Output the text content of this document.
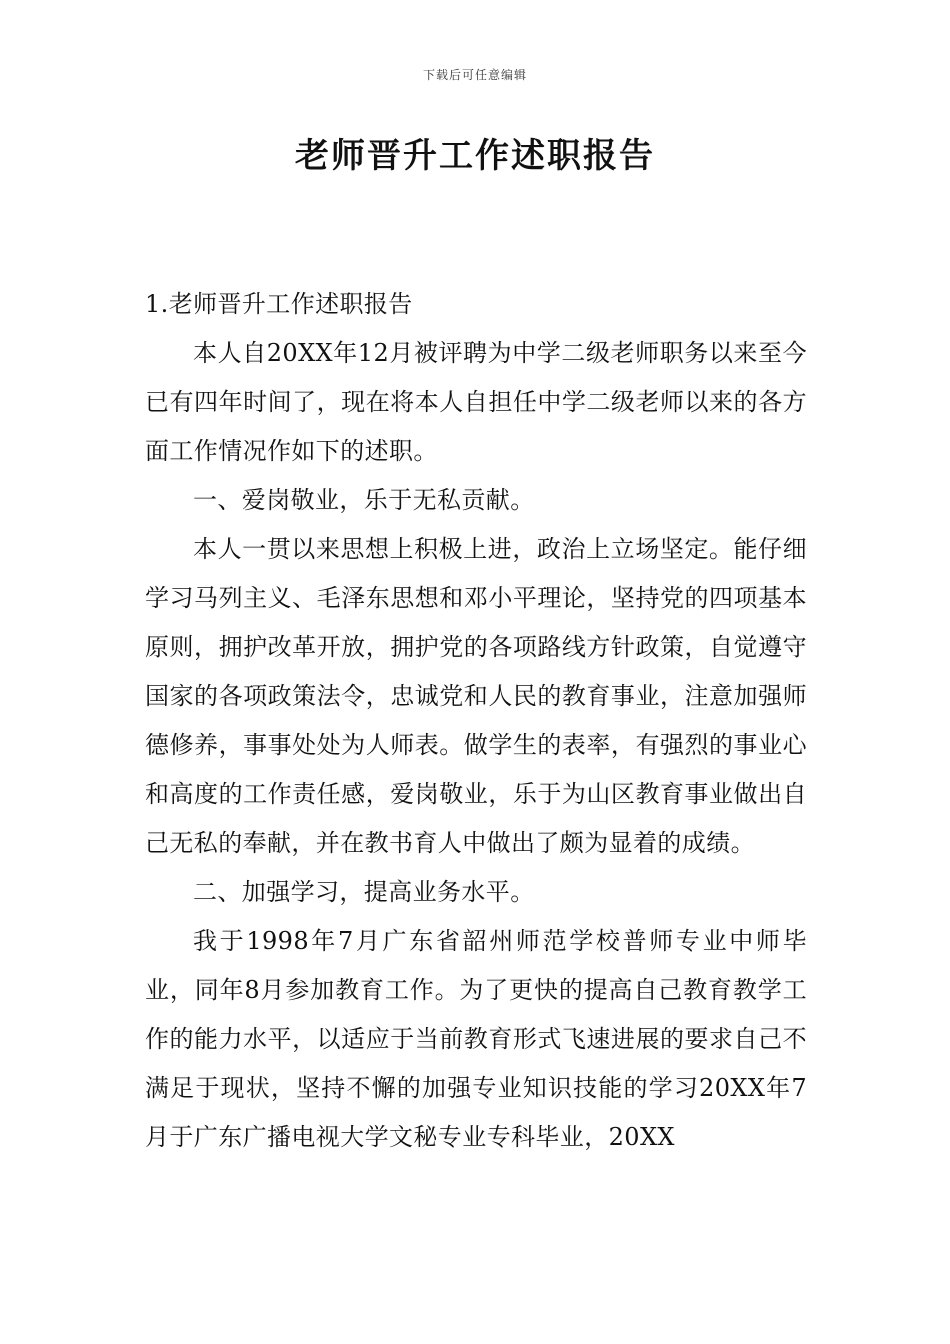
下载后可任意编辑
老师晋升工作述职报告

1.老师晋升工作述职报告

本人自20XX年12月被评聘为中学二级老师职务以来至今已有四年时间了，现在将本人自担任中学二级老师以来的各方面工作情况作如下的述职。

一、爱岗敬业，乐于无私贡献。

本人一贯以来思想上积极上进，政治上立场坚定。能仔细学习马列主义、毛泽东思想和邓小平理论，坚持党的四项基本原则，拥护改革开放，拥护党的各项路线方针政策，自觉遵守国家的各项政策法令，忠诚党和人民的教育事业，注意加强师德修养，事事处处为人师表。做学生的表率，有强烈的事业心和高度的工作责任感，爱岗敬业，乐于为山区教育事业做出自己无私的奉献，并在教书育人中做出了颇为显着的成绩。

二、加强学习，提高业务水平。

我于1998年7月广东省韶州师范学校普师专业中师毕业，同年8月参加教育工作。为了更快的提高自己教育教学工作的能力水平，以适应于当前教育形式飞速进展的要求自己不满足于现状，坚持不懈的加强专业知识技能的学习20XX年7月于广东广播电视大学文秘专业专科毕业，20XX
